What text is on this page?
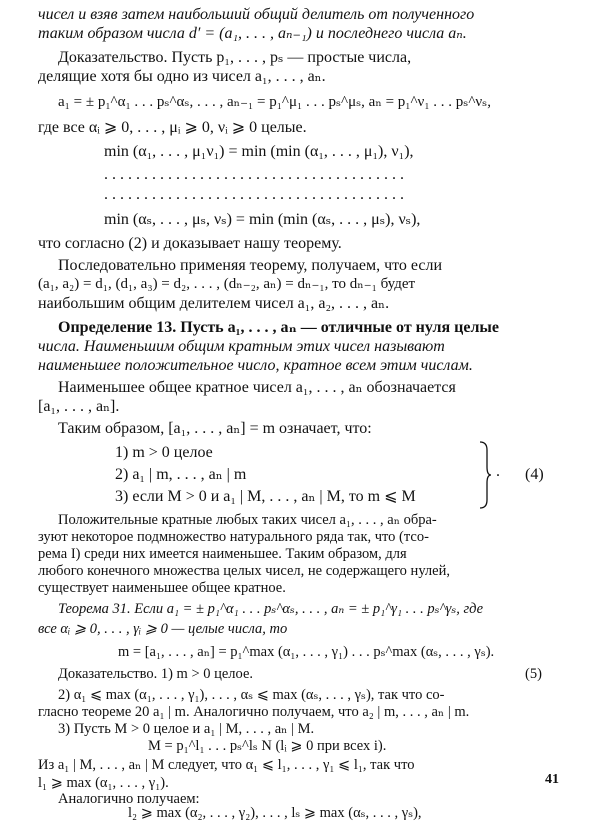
чисел и взяв затем наибольший общий делитель от полученного
таким образом числа d′ = (a₁, . . . , aₙ₋₁) и последнего числа aₙ.
Доказательство. Пусть p₁, . . . , pₛ — простые числа,
делящие хотя бы одно из чисел a₁, . . . , aₙ.
a₁ = ± p₁^α₁ . . . pₛ^αₛ, . . . , aₙ₋₁ = p₁^μ₁ . . . pₛ^μₛ, aₙ = p₁^ν₁ . . . pₛ^νₛ,
где все αᵢ ⩾ 0, . . . , μᵢ ⩾ 0, νᵢ ⩾ 0 целые.
min (α₁, . . . , μ₁ν₁) = min (min (α₁, . . . , μ₁), ν₁),
. . . . . . . . . . . . . . . . . . . . . . . . . . . . . . . . . . . . . .
. . . . . . . . . . . . . . . . . . . . . . . . . . . . . . . . . . . . . .
min (αₛ, . . . , μₛ, νₛ) = min (min (αₛ, . . . , μₛ), νₛ),
что согласно (2) и доказывает нашу теорему.
Последовательно применяя теорему, получаем, что если
(a₁, a₂) = d₁, (d₁, a₃) = d₂, . . . , (dₙ₋₂, aₙ) = dₙ₋₁, то dₙ₋₁ будет
наибольшим общим делителем чисел a₁, a₂, . . . , aₙ.
Определение 13. Пусть a₁, . . . , aₙ — отличные от нуля целые
числа. Наименьшим общим кратным этих чисел называют
наименьшее положительное число, кратное всем этим числам.
Наименьшее общее кратное чисел a₁, . . . , aₙ обозначается
[a₁, . . . , aₙ].
Таким образом, [a₁, . . . , aₙ] = m означает, что:
1) m > 0 целое
2) a₁ | m, . . . , aₙ | m
3) если M > 0 и a₁ | M, . . . , aₙ | M, то m ⩽ M
. (4)
Положительные кратные любых таких чисел a₁, . . . , aₙ обра-
зуют некоторое подмножество натурального ряда так, что (тсо-
рема I) среди них имеется наименьшее. Таким образом, для
любого конечного множества целых чисел, не содержащего нулей,
существует наименьшее общее кратное.
Теорема 31. Если a₁ = ± p₁^α₁ . . . pₛ^αₛ, . . . , aₙ = ± p₁^γ₁ . . . pₛ^γₛ, где
все αᵢ ⩾ 0, . . . , γᵢ ⩾ 0 — целые числа, то
m = [a₁, . . . , aₙ] = p₁^max (α₁, . . . , γ₁) . . . pₛ^max (αₛ, . . . , γₛ).
(5)
Доказательство. 1) m > 0 целое.
2) α₁ ⩽ max (α₁, . . . , γ₁), . . . , αₛ ⩽ max (αₛ, . . . , γₛ), так что со-
гласно теореме 20 a₁ | m. Аналогично получаем, что a₂ | m, . . . , aₙ | m.
3) Пусть M > 0 целое и a₁ | M, . . . , aₙ | M.
M = p₁^l₁ . . . pₛ^lₛ N (lᵢ ⩾ 0 при всех i).
Из a₁ | M, . . . , aₙ | M следует, что α₁ ⩽ l₁, . . . , γ₁ ⩽ l₁, так что
l₁ ⩾ max (α₁, . . . , γ₁).
Аналогично получаем:
l₂ ⩾ max (α₂, . . . , γ₂), . . . , lₛ ⩾ max (αₛ, . . . , γₛ),
41
